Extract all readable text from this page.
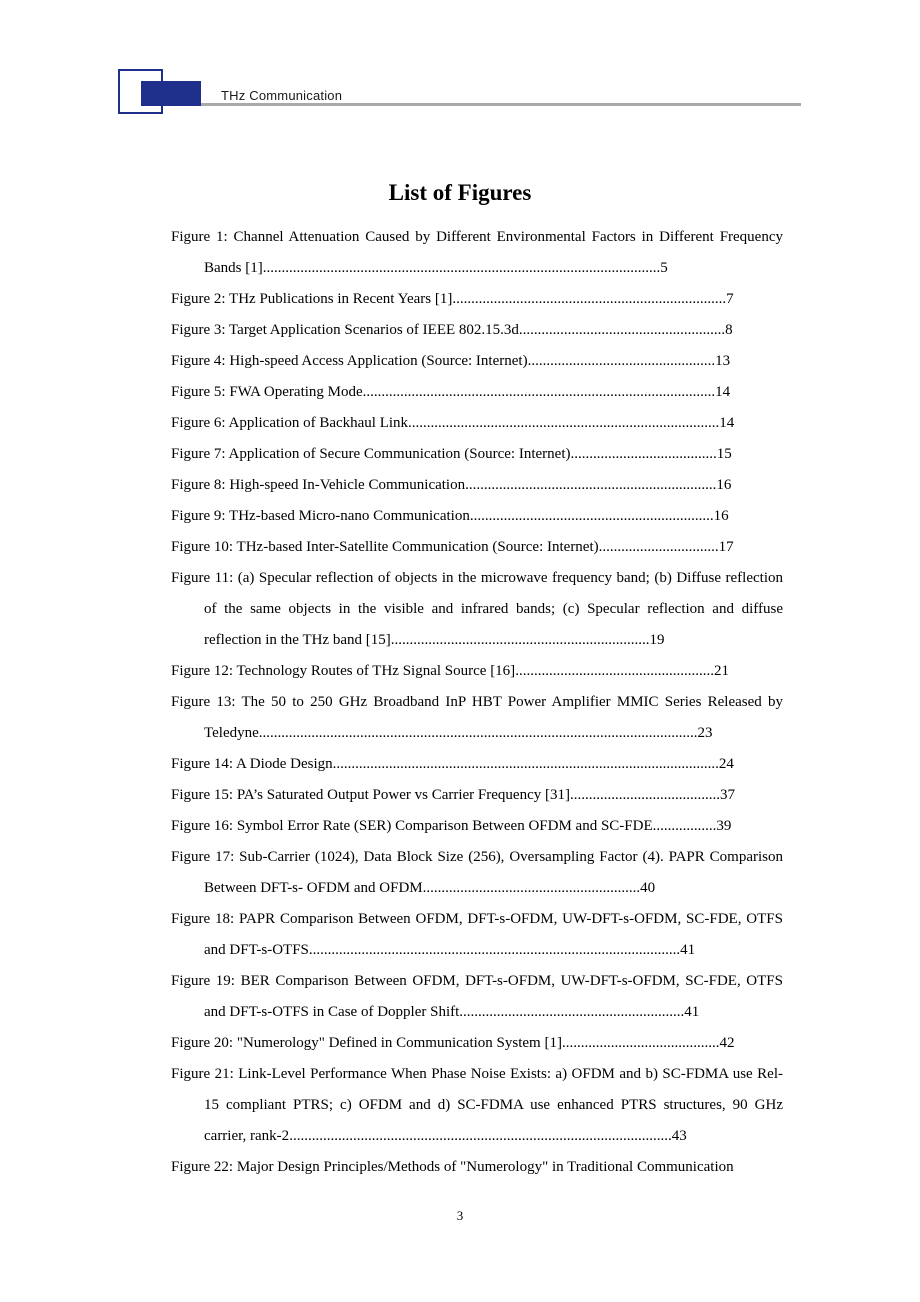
THz Communication
List of Figures
Figure 1: Channel Attenuation Caused by Different Environmental Factors in Different Frequency Bands [1]..........................................................................................................5
Figure 2: THz Publications in Recent Years [1].........................................................................7
Figure 3: Target Application Scenarios of IEEE 802.15.3d.......................................................8
Figure 4: High-speed Access Application (Source: Internet)..................................................13
Figure 5: FWA Operating Mode..............................................................................................14
Figure 6: Application of Backhaul Link...................................................................................14
Figure 7: Application of Secure Communication (Source: Internet).......................................15
Figure 8: High-speed In-Vehicle Communication...................................................................16
Figure 9: THz-based Micro-nano Communication.................................................................16
Figure 10: THz-based Inter-Satellite Communication (Source: Internet)................................17
Figure 11: (a) Specular reflection of objects in the microwave frequency band; (b) Diffuse reflection of the same objects in the visible and infrared bands; (c) Specular reflection and diffuse reflection in the THz band [15].....................................................................19
Figure 12: Technology Routes of THz Signal Source [16].....................................................21
Figure 13: The 50 to 250 GHz Broadband InP HBT Power Amplifier MMIC Series Released by Teledyne.....................................................................................................................23
Figure 14: A Diode Design.......................................................................................................24
Figure 15: PA’s Saturated Output Power vs Carrier Frequency [31]........................................37
Figure 16: Symbol Error Rate (SER) Comparison Between OFDM and SC-FDE.................39
Figure 17: Sub-Carrier (1024), Data Block Size (256), Oversampling Factor (4). PAPR Comparison Between DFT-s- OFDM and OFDM..........................................................40
Figure 18: PAPR Comparison Between OFDM, DFT-s-OFDM, UW-DFT-s-OFDM, SC-FDE, OTFS and DFT-s-OTFS...................................................................................................41
Figure 19: BER Comparison Between OFDM, DFT-s-OFDM, UW-DFT-s-OFDM, SC-FDE, OTFS and DFT-s-OTFS in Case of Doppler Shift............................................................41
Figure 20: "Numerology" Defined in Communication System [1]..........................................42
Figure 21: Link-Level Performance When Phase Noise Exists: a) OFDM and b) SC-FDMA use Rel-15 compliant PTRS; c) OFDM and d) SC-FDMA use enhanced PTRS structures, 90 GHz carrier, rank-2......................................................................................................43
Figure 22: Major Design Principles/Methods of "Numerology" in Traditional Communication
3
